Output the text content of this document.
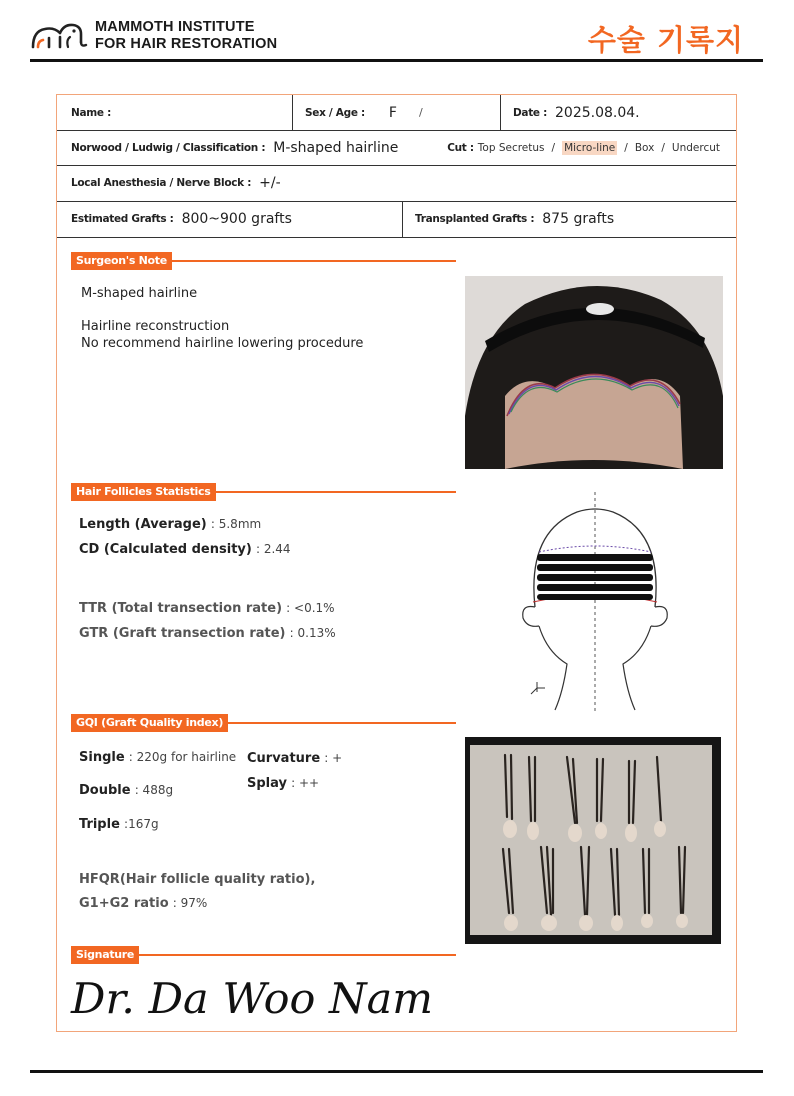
MAMMOTH INSTITUTE
FOR HAIR RESTORATION	수술 기록지
Name :	Sex / Age : F /	Date : 2025.08.04.
Norwood / Ludwig / Classification : M-shaped hairline	Cut : Top Secretus / Micro-line / Box / Undercut
Local Anesthesia / Nerve Block : +/-
Estimated Grafts : 800~900 grafts	Transplanted Grafts : 875 grafts
Surgeon's Note
M-shaped hairline
Hairline reconstruction
No recommend hairline lowering procedure
Hair Follicles Statistics
Length (Average) : 5.8mm
CD (Calculated density) : 2.44
TTR (Total transection rate) : <0.1%
GTR (Graft transection rate) : 0.13%
GQI (Graft Quality index)
Single : 220g for hairline
Double : 488g
Triple :167g
Curvature : +
Splay : ++
HFQR(Hair follicle quality ratio),
G1+G2 ratio : 97%
Signature
Dr. Da Woo Nam
